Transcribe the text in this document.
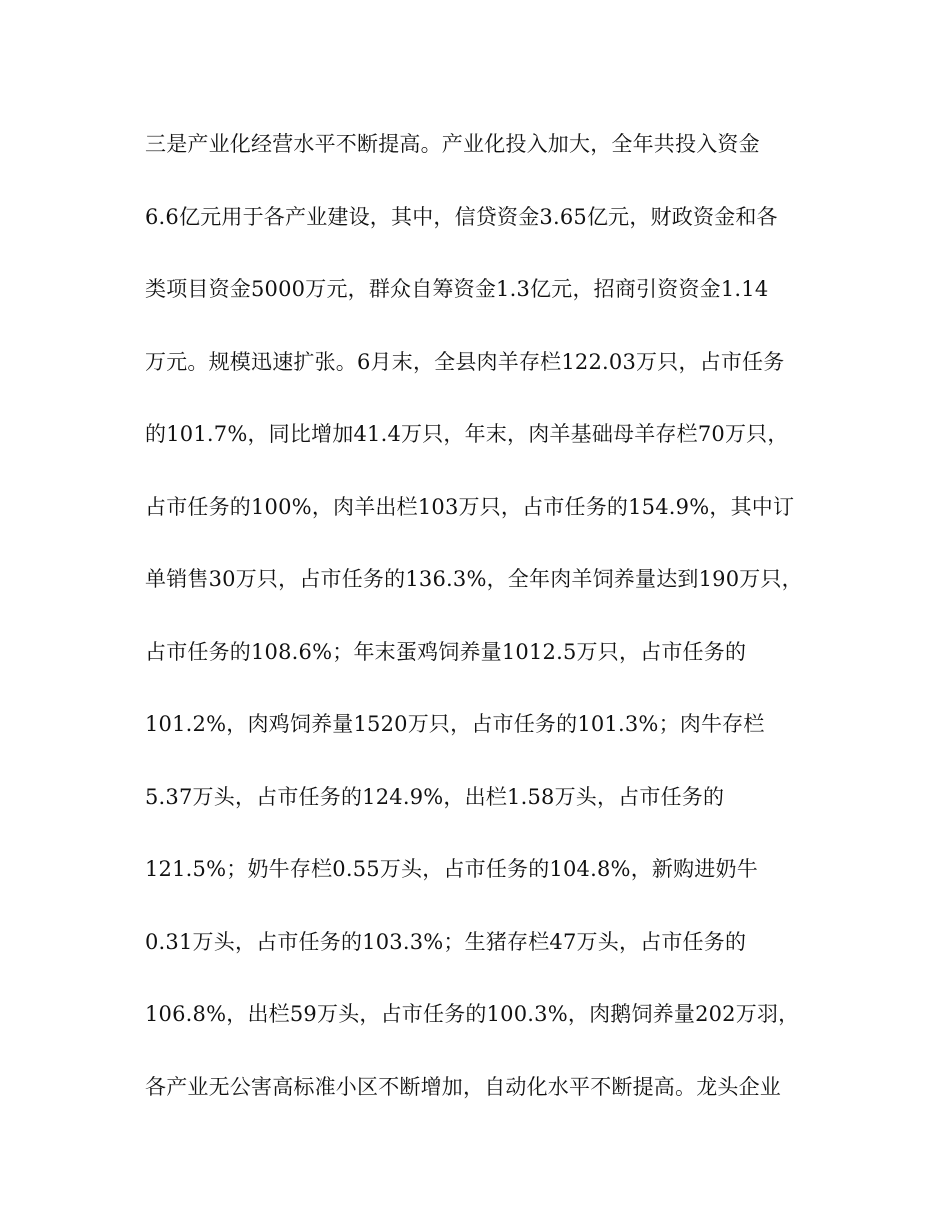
三是产业化经营水平不断提高。产业化投入加大，全年共投入资金
6.6亿元用于各产业建设，其中，信贷资金3.65亿元，财政资金和各
类项目资金5000万元，群众自筹资金1.3亿元，招商引资资金1.14
万元。规模迅速扩张。6月末，全县肉羊存栏122.03万只，占市任务
的101.7%，同比增加41.4万只，年末，肉羊基础母羊存栏70万只，
占市任务的100%，肉羊出栏103万只，占市任务的154.9%，其中订
单销售30万只，占市任务的136.3%，全年肉羊饲养量达到190万只，
占市任务的108.6%；年末蛋鸡饲养量1012.5万只，占市任务的
101.2%，肉鸡饲养量1520万只，占市任务的101.3%；肉牛存栏
5.37万头，占市任务的124.9%，出栏1.58万头，占市任务的
121.5%；奶牛存栏0.55万头，占市任务的104.8%，新购进奶牛
0.31万头，占市任务的103.3%；生猪存栏47万头，占市任务的
106.8%，出栏59万头，占市任务的100.3%，肉鹅饲养量202万羽，
各产业无公害高标准小区不断增加，自动化水平不断提高。龙头企业
